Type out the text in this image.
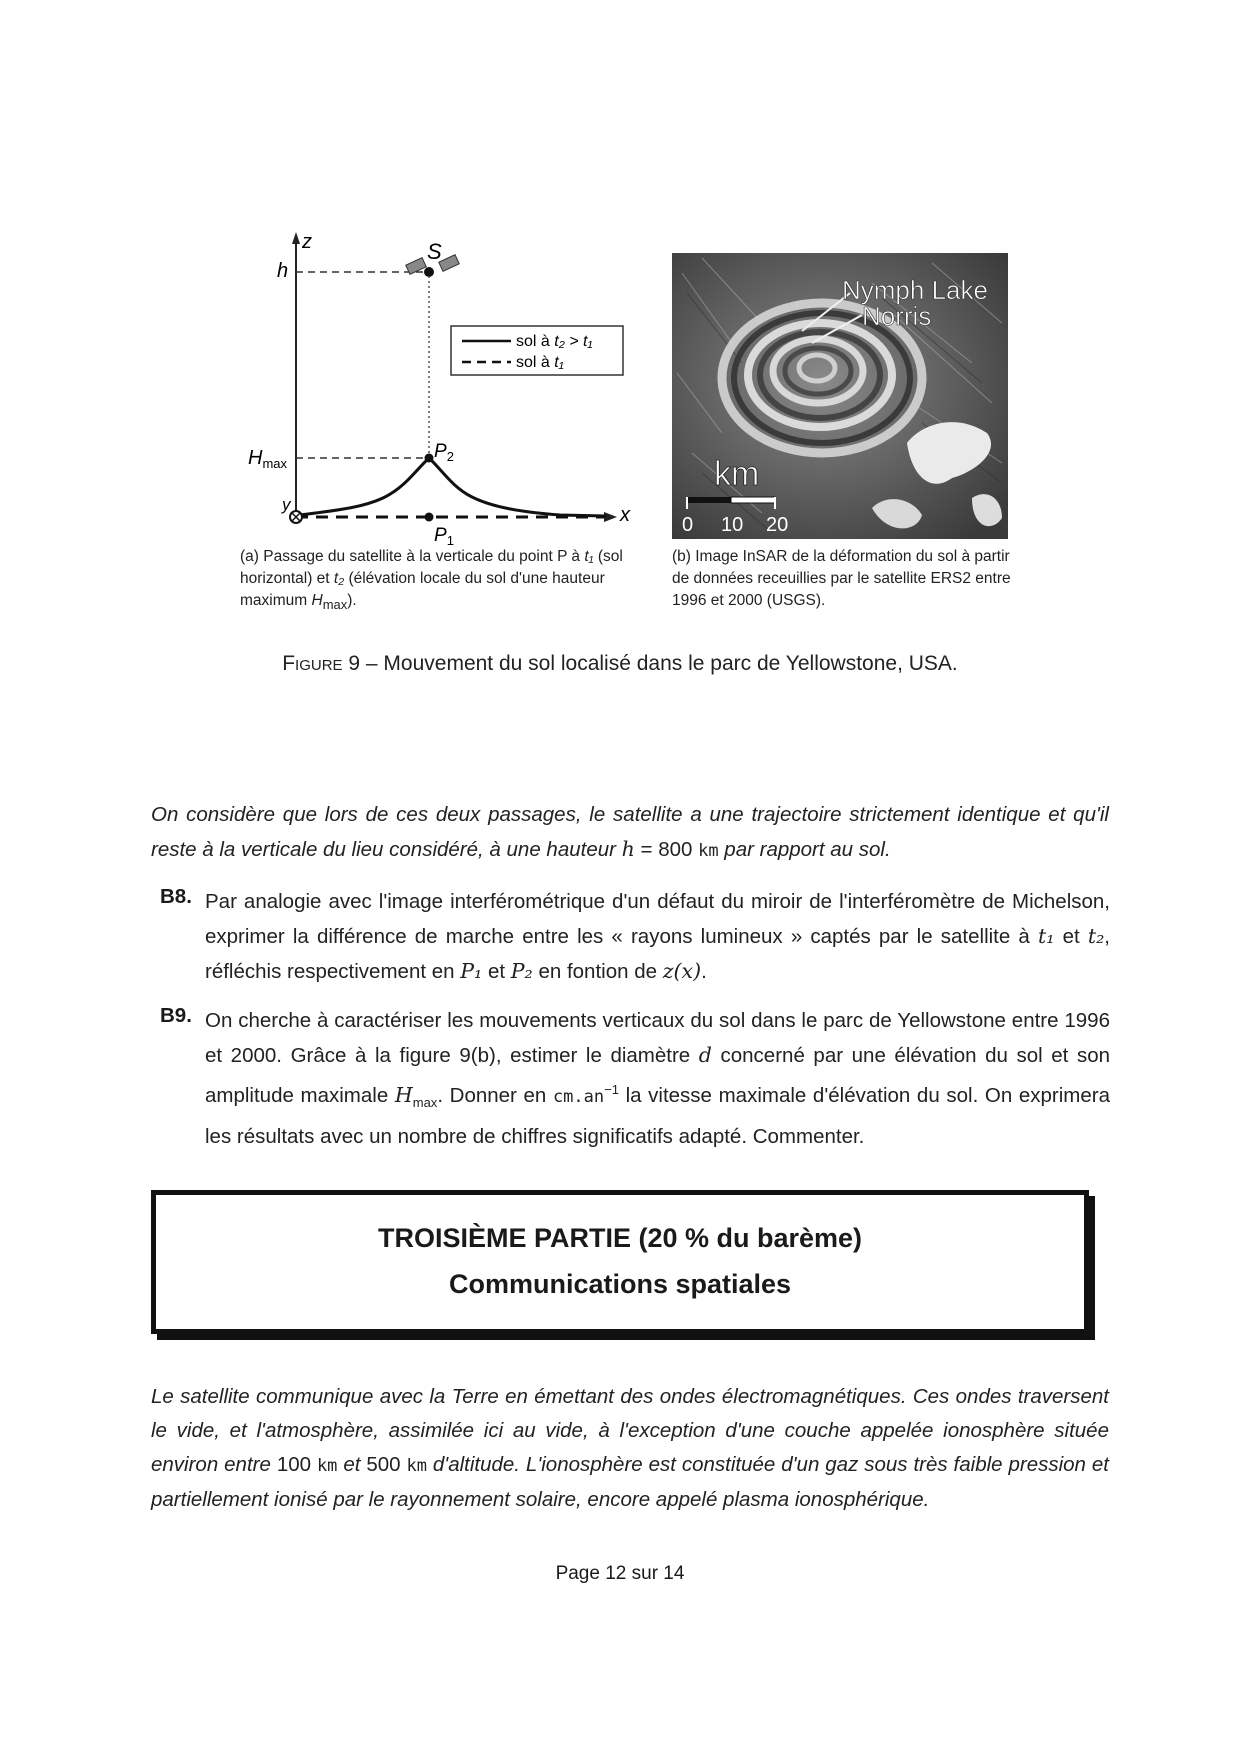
z
h
S
sol à t₂ > t₁
sol à t₁
$H_{max}$
$P_2$
x
y
$P_1$
Nymph Lake
Norris
km
0 10 20
(a) Passage du satellite à la verticale du point P à t₁ (sol horizontal) et t₂ (élévation locale du sol d'une hauteur maximum $H_{max}$).
(b) Image InSAR de la déformation du sol à partir de données receuillies par le satellite ERS2 entre 1996 et 2000 (USGS).
Figure 9 – Mouvement du sol localisé dans le parc de Yellowstone, USA.
On considère que lors de ces deux passages, le satellite a une trajectoire strictement identique et qu'il reste à la verticale du lieu considéré, à une hauteur h = 800 km par rapport au sol.
B8. Par analogie avec l'image interférométrique d'un défaut du miroir de l'interféromètre de Michelson, exprimer la différence de marche entre les « rayons lumineux » captés par le satellite à t₁ et t₂, réfléchis respectivement en P₁ et P₂ en fontion de z(x).
B9. On cherche à caractériser les mouvements verticaux du sol dans le parc de Yellowstone entre 1996 et 2000. Grâce à la figure 9(b), estimer le diamètre d concerné par une élévation du sol et son amplitude maximale $H_{max}$. Donner en $cm.an^{-1}$ la vitesse maximale d'élévation du sol. On exprimera les résultats avec un nombre de chiffres significatifs adapté. Commenter.
TROISIÈME PARTIE (20 % du barème)
Communications spatiales
Le satellite communique avec la Terre en émettant des ondes électromagnétiques. Ces ondes traversent le vide, et l'atmosphère, assimilée ici au vide, à l'exception d'une couche appelée ionosphère située environ entre 100 km et 500 km d'altitude. L'ionosphère est constituée d'un gaz sous très faible pression et partiellement ionisé par le rayonnement solaire, encore appelé plasma ionosphérique.
Page 12 sur 14
